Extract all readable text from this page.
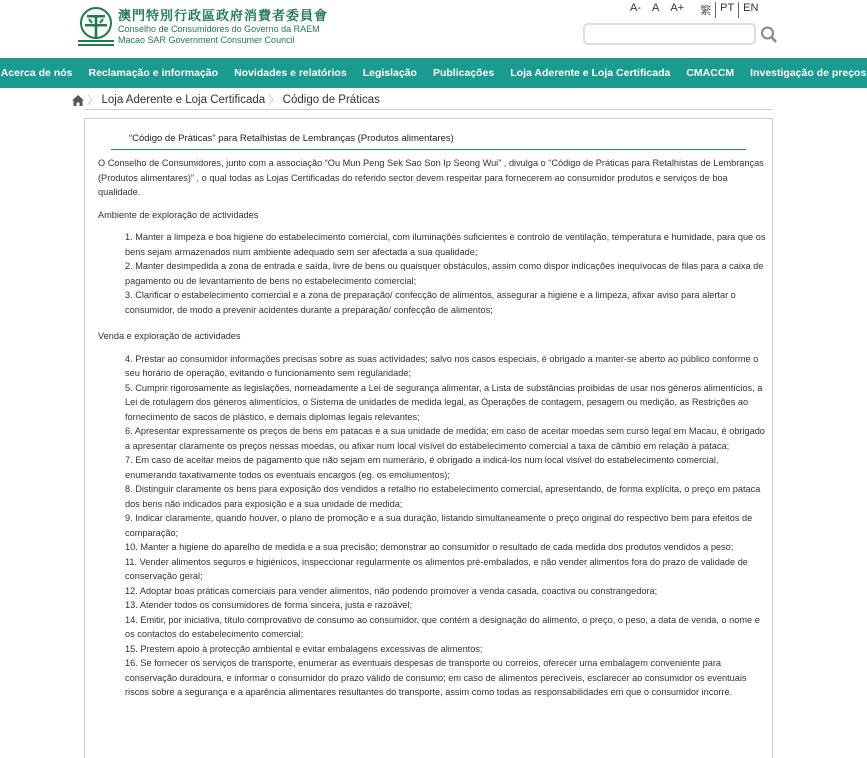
澳門特別行政區政府消費者委員會
Conselho de Consumidores do Governo da RAEM
Macao SAR Government Consumer Council
A- A A+ 繁 PT EN
Acerca de nós	Reclamação e informação	Novidades e relatórios	Legislação	Publicações	Loja Aderente e Loja Certificada	CMACCM	Investigação de preços
〉 Loja Aderente e Loja Certificada 〉 Código de Práticas
“Código de Práticas” para Retalhistas de Lembranças (Produtos alimentares)

O Conselho de Consumidores, junto com a associação “Ou Mun Peng Sek Sao Son Ip Seong Wui” , divulga o “Código de Práticas para Retalhistas de Lembranças (Produtos alimentares)” , o qual todas as Lojas Certificadas do referido sector devem respeitar para fornecerem ao consumidor produtos e serviços de boa qualidade.

Ambiente de exploração de actividades
1. Manter a limpeza e boa higiene do estabelecimento comercial, com iluminações suficientes e controlo de ventilação, temperatura e humidade, para que os bens sejam armazenados num ambiente adequado sem ser afectada a sua qualidade;
2. Manter desimpedida a zona de entrada e saída, livre de bens ou quaisquer obstáculos, assim como dispor indicações inequívocas de filas para a caixa de pagamento ou de levantamento de bens no estabelecimento comercial;
3. Clarificar o estabelecimento comercial e a zona de preparação/ confecção de alimentos, assegurar a higiene e a limpeza, afixar aviso para alertar o consumidor, de modo a prevenir acidentes durante a preparação/ confecção de alimentos;
Venda e exploração de actividades
4. Prestar ao consumidor informações precisas sobre as suas actividades; salvo nos casos especiais, é obrigado a manter-se aberto ao público conforme o seu horário de operação, evitando o funcionamento sem regularidade;
5. Cumprir rigorosamente as legislações, nomeadamente a Lei de segurança alimentar, a Lista de substâncias proibidas de usar nos géneros alimentícios, a Lei de rotulagem dos géneros alimentícios, o Sistema de unidades de medida legal, as Operações de contagem, pesagem ou medição, as Restrições ao fornecimento de sacos de plástico, e demais diplomas legais relevantes;
6. Apresentar expressamente os preços de bens em patacas e a sua unidade de medida; em caso de aceitar moedas sem curso legal em Macau, é obrigado a apresentar claramente os preços nessas moedas, ou afixar num local visível do estabelecimento comercial a taxa de câmbio em relação à pataca;
7. Em caso de aceitar meios de pagamento que não sejam em numerário, é obrigado a indicá-los num local visível do estabelecimento comercial, enumerando taxativamente todos os eventuais encargos (eg. os emolumentos);
8. Distinguir claramente os bens para exposição dos vendidos a retalho no estabelecimento comercial, apresentando, de forma explícita, o preço em pataca dos bens não indicados para exposição e a sua unidade de medida;
9. Indicar claramente, quando houver, o plano de promoção e a sua duração, listando simultaneamente o preço original do respectivo bem para efeitos de comparação;
10. Manter a higiene do aparelho de medida e a sua precisão; demonstrar ao consumidor o resultado de cada medida dos produtos vendidos a peso;
11. Vender alimentos seguros e higiénicos, inspeccionar regularmente os alimentos pré-embalados, e não vender alimentos fora do prazo de validade de conservação geral;
12. Adoptar boas práticas comerciais para vender alimentos, não podendo promover a venda casada, coactiva ou constrangedora;
13. Atender todos os consumidores de forma sincera, justa e razoável;
14. Emitir, por iniciativa, título comprovativo de consumo ao consumidor, que contém a designação do alimento, o preço, o peso, a data de venda, o nome e os contactos do estabelecimento comercial;
15. Prestem apoio à protecção ambiental e evitar embalagens excessivas de alimentos;
16. Se fornecer os serviços de transporte, enumerar as eventuais despesas de transporte ou correios, oferecer uma embalagem conveniente para conservação duradoura, e informar o consumidor do prazo válido de consumo; em caso de alimentos perecíveis, esclarecer ao consumidor os eventuais riscos sobre a segurança e a aparência alimentares resultantes do transporte, assim como todas as responsabilidades em que o consumidor incorre.
